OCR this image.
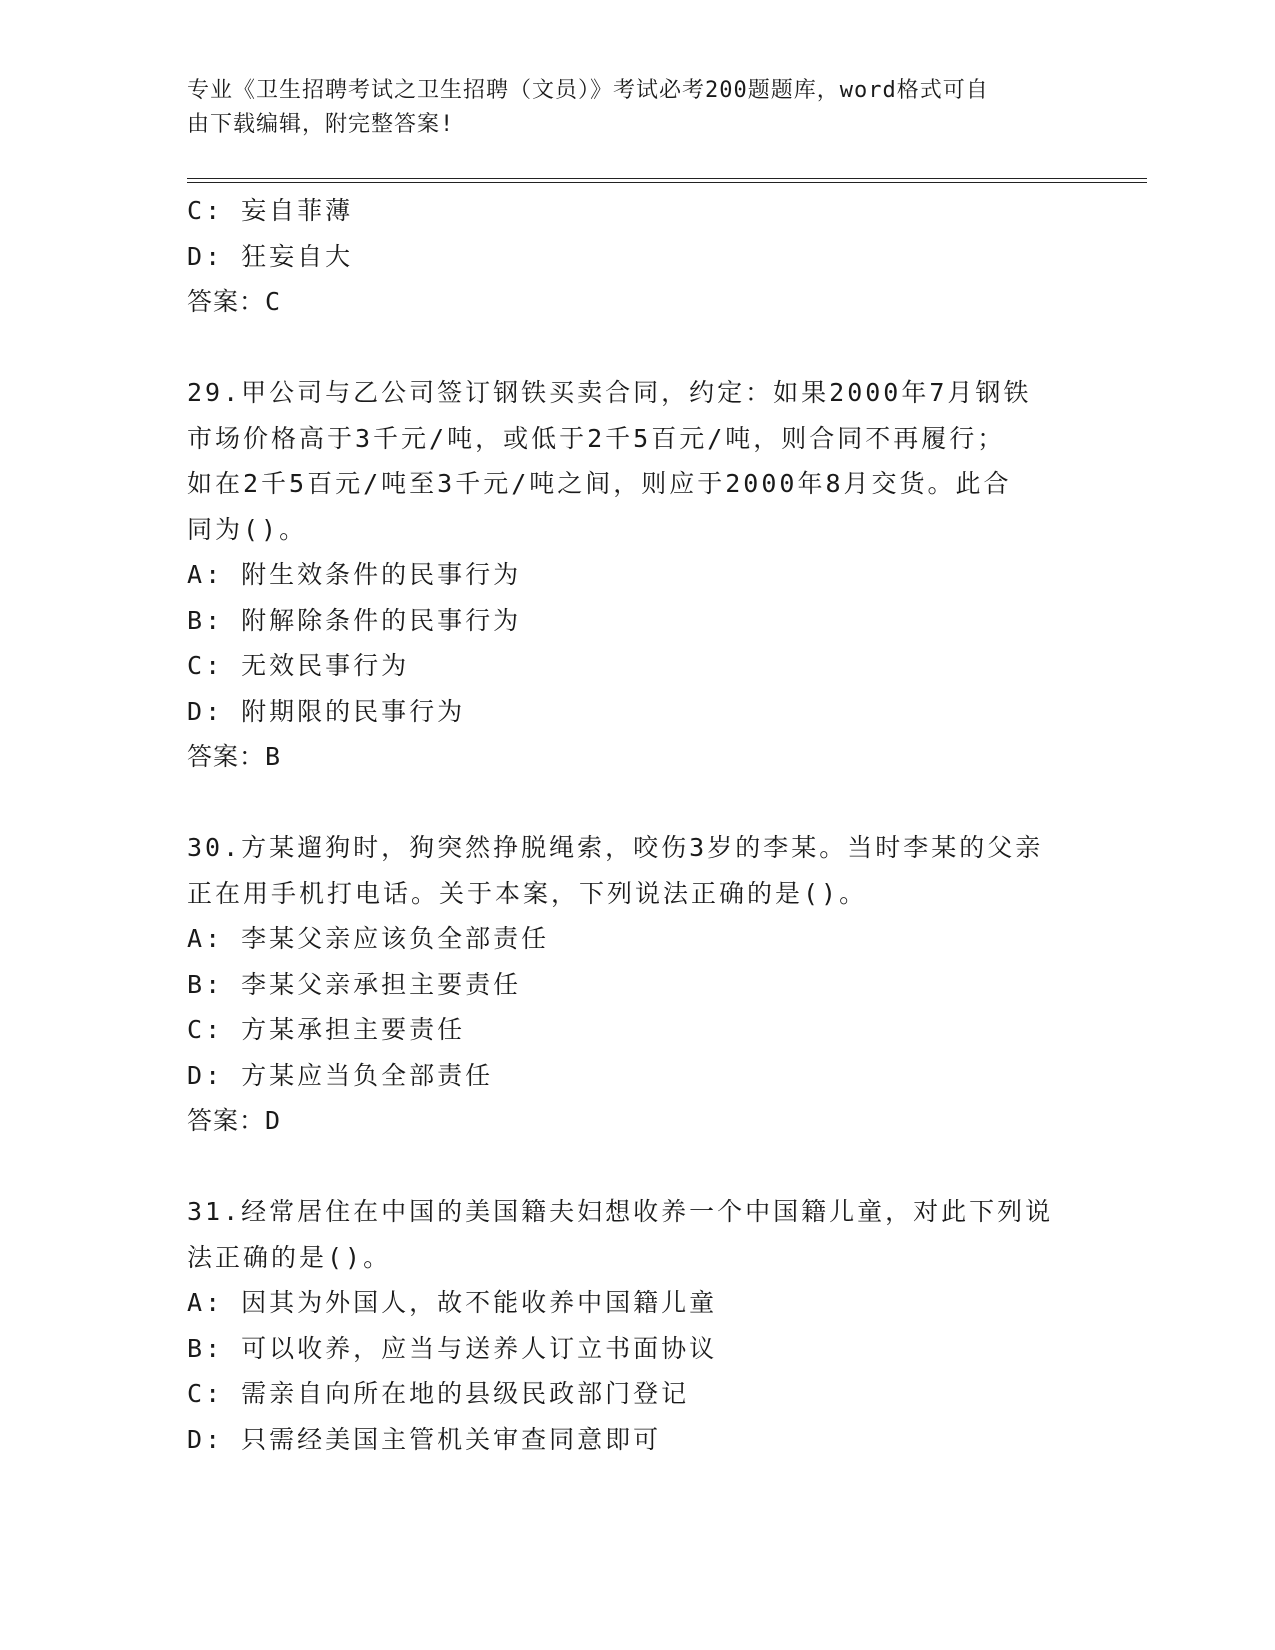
专业《卫生招聘考试之卫生招聘（文员）》考试必考200题题库，word格式可自
由下载编辑，附完整答案!
C: 妄自菲薄
D: 狂妄自大
答案：C
29.甲公司与乙公司签订钢铁买卖合同，约定：如果2000年7月钢铁
市场价格高于3千元/吨，或低于2千5百元/吨，则合同不再履行；
如在2千5百元/吨至3千元/吨之间，则应于2000年8月交货。此合
同为()。
A: 附生效条件的民事行为
B: 附解除条件的民事行为
C: 无效民事行为
D: 附期限的民事行为
答案：B
30.方某遛狗时，狗突然挣脱绳索，咬伤3岁的李某。当时李某的父亲
正在用手机打电话。关于本案，下列说法正确的是()。
A: 李某父亲应该负全部责任
B: 李某父亲承担主要责任
C: 方某承担主要责任
D: 方某应当负全部责任
答案：D
31.经常居住在中国的美国籍夫妇想收养一个中国籍儿童，对此下列说
法正确的是()。
A: 因其为外国人，故不能收养中国籍儿童
B: 可以收养，应当与送养人订立书面协议
C: 需亲自向所在地的县级民政部门登记
D: 只需经美国主管机关审查同意即可
